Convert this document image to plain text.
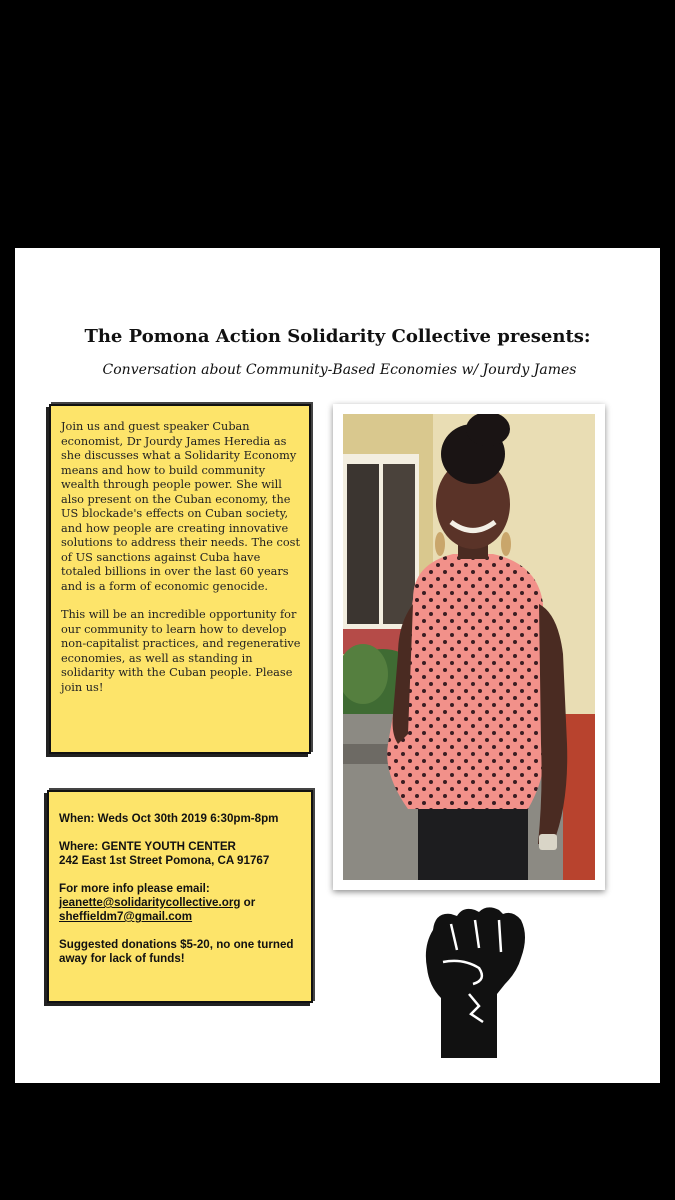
The Pomona Action Solidarity Collective presents:
Conversation about Community-Based Economies w/ Jourdy James

Join us and guest speaker Cuban economist, Dr Jourdy James Heredia as she discusses what a Solidarity Economy means and how to build community wealth through people power. She will also present on the Cuban economy, the US blockade's effects on Cuban society, and how people are creating innovative solutions to address their needs. The cost of US sanctions against Cuba have totaled billions in over the last 60 years and is a form of economic genocide.

This will be an incredible opportunity for our community to learn how to develop non-capitalist practices, and regenerative economies, as well as standing in solidarity with the Cuban people. Please join us!

When: Weds Oct 30th 2019 6:30pm-8pm
Where: GENTE YOUTH CENTER
242 East 1st Street Pomona, CA 91767
For more info please email:
jeanette@solidaritycollective.org or
sheffieldm7@gmail.com
Suggested donations $5-20, no one turned away for lack of funds!
